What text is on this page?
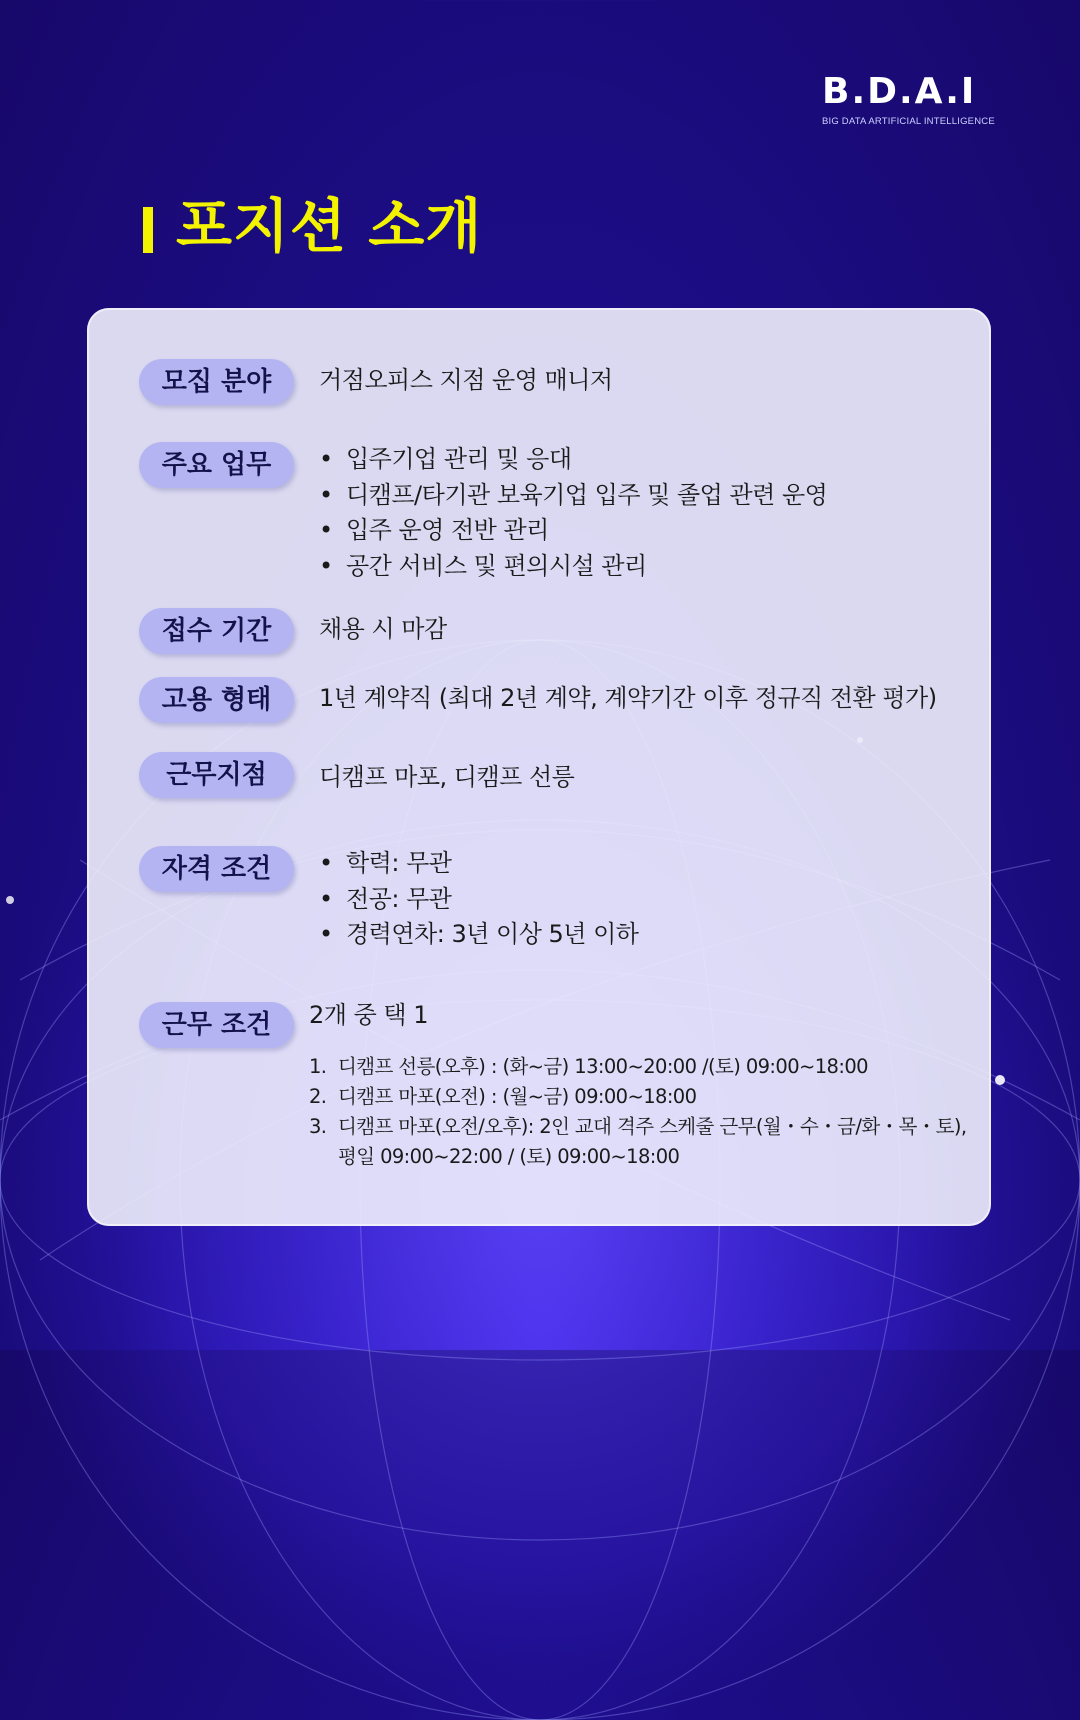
B.D.A.I
BIG DATA ARTIFICIAL INTELLIGENCE
포지션 소개
모집 분야	거점오피스 지점 운영 매니저
주요 업무	• 입주기업 관리 및 응대
• 디캠프/타기관 보육기업 입주 및 졸업 관련 운영
• 입주 운영 전반 관리
• 공간 서비스 및 편의시설 관리
접수 기간	채용 시 마감
고용 형태	1년 계약직 (최대 2년 계약, 계약기간 이후 정규직 전환 평가)
근무지점	디캠프 마포, 디캠프 선릉
자격 조건	• 학력: 무관
• 전공: 무관
• 경력연차: 3년 이상 5년 이하
근무 조건	2개 중 택 1
1. 디캠프 선릉(오후) : (화~금) 13:00~20:00 /(토) 09:00~18:00
2. 디캠프 마포(오전) : (월~금) 09:00~18:00
3. 디캠프 마포(오전/오후): 2인 교대 격주 스케줄 근무(월・수・금/화・목・토),
평일 09:00~22:00 / (토) 09:00~18:00
